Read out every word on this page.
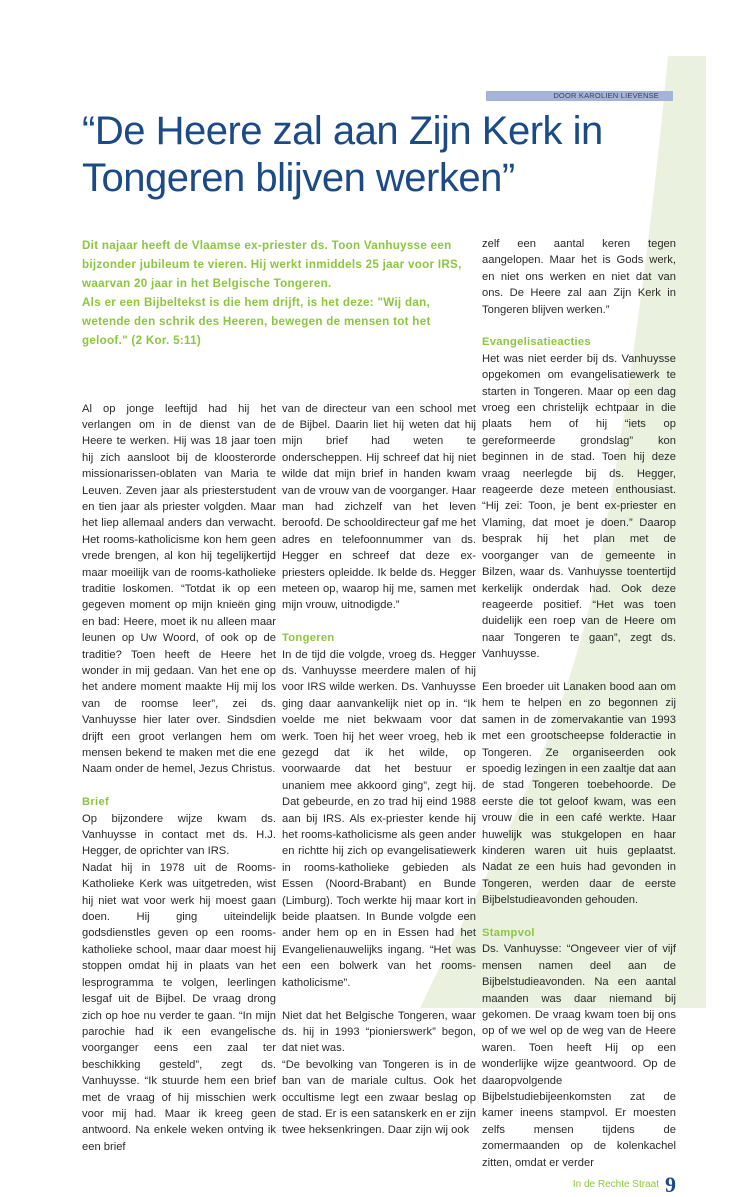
DOOR KAROLIEN LIEVENSE
“De Heere zal aan Zijn Kerk in Tongeren blijven werken”
Dit najaar heeft de Vlaamse ex-priester ds. Toon Vanhuysse een bijzonder jubileum te vieren. Hij werkt inmiddels 25 jaar voor IRS, waarvan 20 jaar in het Belgische Tongeren.
Als er een Bijbeltekst is die hem drijft, is het deze: "Wij dan, wetende den schrik des Heeren, bewegen de mensen tot het geloof." (2 Kor. 5:11)

Al op jonge leeftijd had hij het verlangen om in de dienst van de Heere te werken. Hij was 18 jaar toen hij zich aansloot bij de kloosterorde missionarissen-oblaten van Maria te Leuven. Zeven jaar als priesterstudent en tien jaar als priester volgden. Maar het liep allemaal anders dan verwacht. Het rooms-katholicisme kon hem geen vrede brengen, al kon hij tegelijkertijd maar moeilijk van de rooms-katholieke traditie loskomen. “Totdat ik op een gegeven moment op mijn knieën ging en bad: Heere, moet ik nu alleen maar leunen op Uw Woord, of ook op de traditie? Toen heeft de Heere het wonder in mij gedaan. Van het ene op het andere moment maakte Hij mij los van de roomse leer”, zei ds. Vanhuysse hier later over. Sindsdien drijft een groot verlangen hem om mensen bekend te maken met die ene Naam onder de hemel, Jezus Christus.

Brief

Op bijzondere wijze kwam ds. Vanhuysse in contact met ds. H.J. Hegger, de oprichter van IRS.

Nadat hij in 1978 uit de Rooms-Katholieke Kerk was uitgetreden, wist hij niet wat voor werk hij moest gaan doen. Hij ging uiteindelijk godsdienstles geven op een rooms-katholieke school, maar daar moest hij stoppen omdat hij in plaats van het lesprogramma te volgen, leerlingen lesgaf uit de Bijbel. De vraag drong zich op hoe nu verder te gaan. “In mijn parochie had ik een evangelische voorganger eens een zaal ter beschikking gesteld”, zegt ds. Vanhuysse. “Ik stuurde hem een brief met de vraag of hij misschien werk voor mij had. Maar ik kreeg geen antwoord. Na enkele weken ontving ik een brief

van de directeur van een school met de Bijbel. Daarin liet hij weten dat hij mijn brief had weten te onderscheppen. Hij schreef dat hij niet wilde dat mijn brief in handen kwam van de vrouw van de voorganger. Haar man had zichzelf van het leven beroofd. De schooldirecteur gaf me het adres en telefoonnummer van ds. Hegger en schreef dat deze ex-priesters opleidde. Ik belde ds. Hegger meteen op, waarop hij me, samen met mijn vrouw, uitnodigde.”

Tongeren

In de tijd die volgde, vroeg ds. Hegger ds. Vanhuysse meerdere malen of hij voor IRS wilde werken. Ds. Vanhuysse ging daar aanvankelijk niet op in. “Ik voelde me niet bekwaam voor dat werk. Toen hij het weer vroeg, heb ik gezegd dat ik het wilde, op voorwaarde dat het bestuur er unaniem mee akkoord ging”, zegt hij. Dat gebeurde, en zo trad hij eind 1988 aan bij IRS. Als ex-priester kende hij het rooms-katholicisme als geen ander en richtte hij zich op evangelisatiewerk in rooms-katholieke gebieden als Essen (Noord-Brabant) en Bunde (Limburg). Toch werkte hij maar kort in beide plaatsen. In Bunde volgde een ander hem op en in Essen had het Evangelienauwelijks ingang. “Het was een een bolwerk van het rooms-katholicisme”.

Niet dat het Belgische Tongeren, waar ds. hij in 1993 “pionierswerk” begon, dat niet was.

“De bevolking van Tongeren is in de ban van de mariale cultus. Ook het occultisme legt een zwaar beslag op de stad. Er is een satanskerk en er zijn twee heksenkringen. Daar zijn wij ook

zelf een aantal keren tegen aangelopen. Maar het is Gods werk, en niet ons werken en niet dat van ons. De Heere zal aan Zijn Kerk in Tongeren blijven werken.”

Evangelisatieacties

Het was niet eerder bij ds. Vanhuysse opgekomen om evangelisatiewerk te starten in Tongeren. Maar op een dag vroeg een christelijk echtpaar in die plaats hem of hij “iets op gereformeerde grondslag” kon beginnen in de stad. Toen hij deze vraag neerlegde bij ds. Hegger, reageerde deze meteen enthousiast. “Hij zei: Toon, je bent ex-priester en Vlaming, dat moet je doen.” Daarop besprak hij het plan met de voorganger van de gemeente in Bilzen, waar ds. Vanhuysse toentertijd kerkelijk onderdak had. Ook deze reageerde positief. “Het was toen duidelijk een roep van de Heere om naar Tongeren te gaan”, zegt ds. Vanhuysse.

Een broeder uit Lanaken bood aan om hem te helpen en zo begonnen zij samen in de zomervakantie van 1993 met een grootscheepse folderactie in Tongeren. Ze organiseerden ook spoedig lezingen in een zaaltje dat aan de stad Tongeren toebehoorde. De eerste die tot geloof kwam, was een vrouw die in een café werkte. Haar huwelijk was stukgelopen en haar kinderen waren uit huis geplaatst. Nadat ze een huis had gevonden in Tongeren, werden daar de eerste Bijbelstudieavonden gehouden.

Stampvol

Ds. Vanhuysse: “Ongeveer vier of vijf mensen namen deel aan de Bijbelstudieavonden. Na een aantal maanden was daar niemand bij gekomen. De vraag kwam toen bij ons op of we wel op de weg van de Heere waren. Toen heeft Hij op een wonderlijke wijze geantwoord. Op de daaropvolgende Bijbelstudiebijeenkomsten zat de kamer ineens stampvol. Er moesten zelfs mensen tijdens de zomermaanden op de kolenkachel zitten, omdat er verder

In de Rechte Straat 9
